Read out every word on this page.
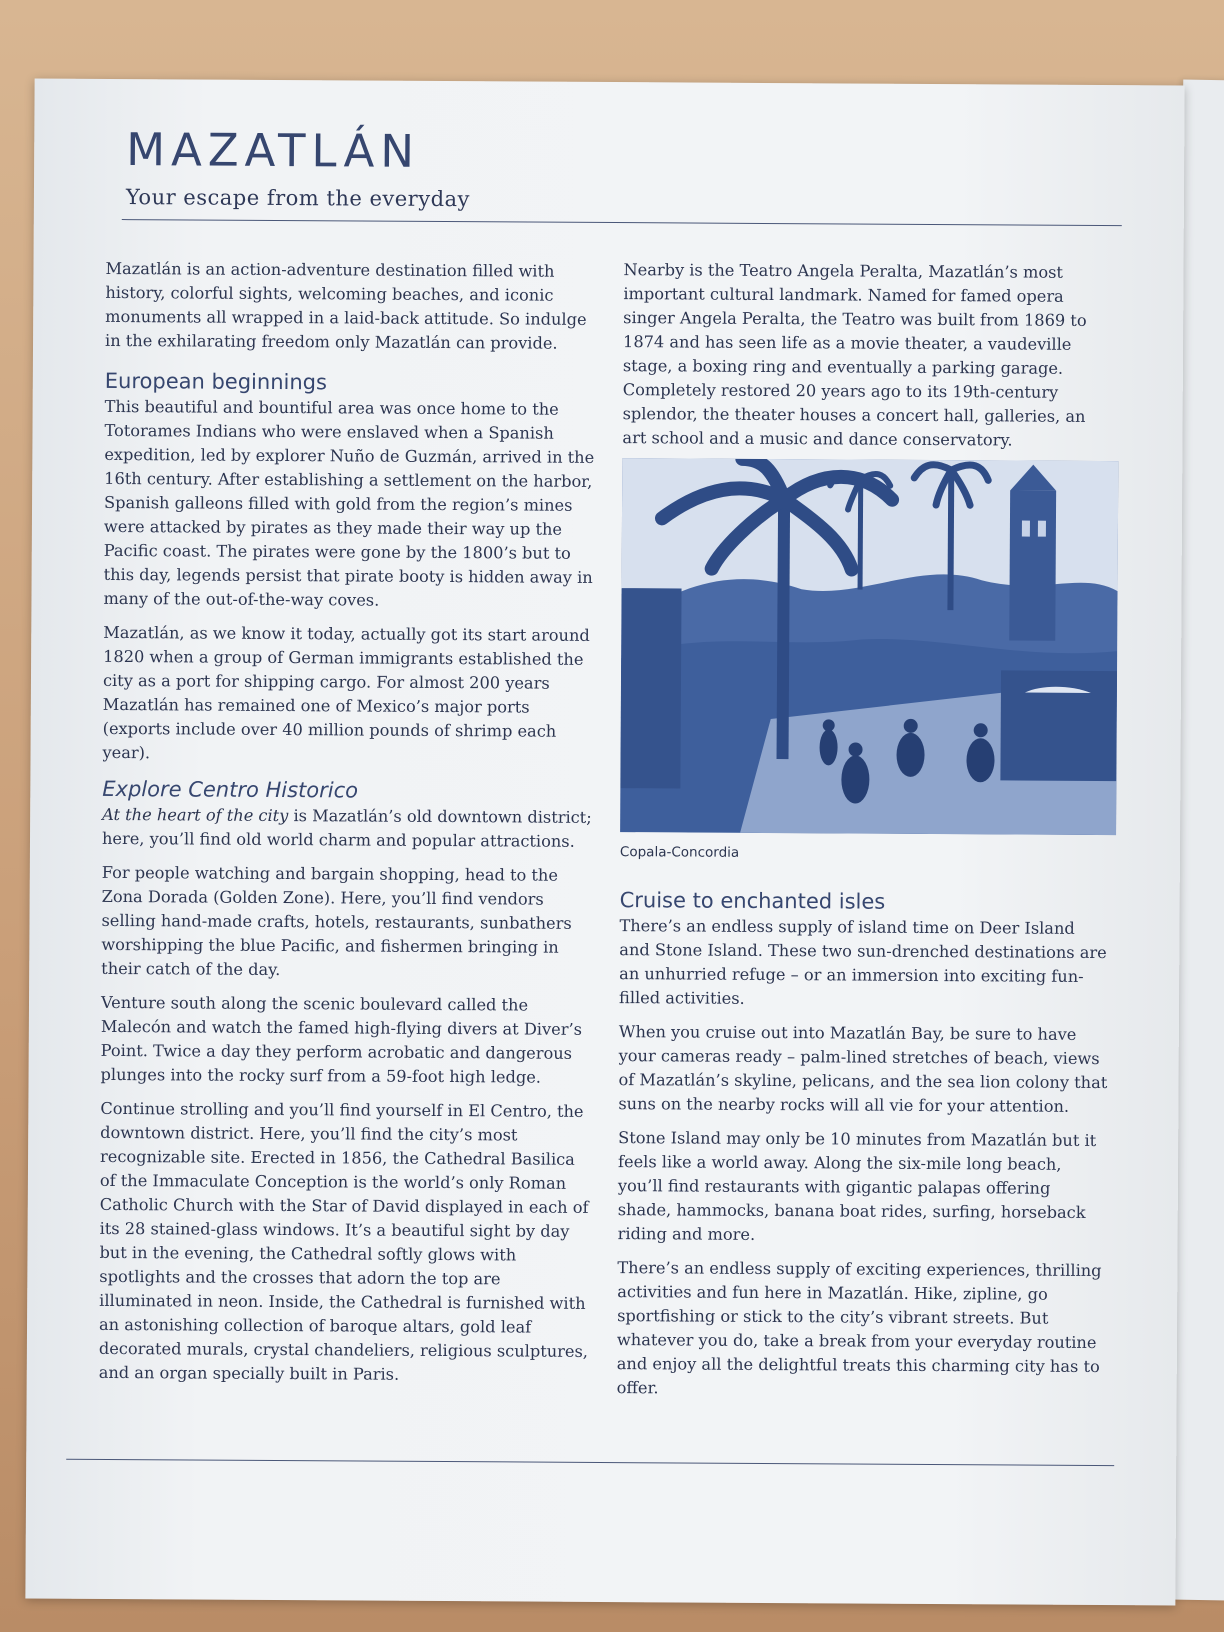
MAZATLÁN
Your escape from the everyday

Mazatlán is an action-adventure destination filled with history, colorful sights, welcoming beaches, and iconic monuments all wrapped in a laid-back attitude. So indulge in the exhilarating freedom only Mazatlán can provide.

European beginnings

This beautiful and bountiful area was once home to the Totorames Indians who were enslaved when a Spanish expedition, led by explorer Nuño de Guzmán, arrived in the 16th century. After establishing a settlement on the harbor, Spanish galleons filled with gold from the region’s mines were attacked by pirates as they made their way up the Pacific coast. The pirates were gone by the 1800’s but to this day, legends persist that pirate booty is hidden away in many of the out-of-the-way coves.

Mazatlán, as we know it today, actually got its start around 1820 when a group of German immigrants established the city as a port for shipping cargo. For almost 200 years Mazatlán has remained one of Mexico’s major ports (exports include over 40 million pounds of shrimp each year).

Explore Centro Historico

At the heart of the city is Mazatlán’s old downtown district; here, you’ll find old world charm and popular attractions.

For people watching and bargain shopping, head to the Zona Dorada (Golden Zone). Here, you’ll find vendors selling hand-made crafts, hotels, restaurants, sunbathers worshipping the blue Pacific, and fishermen bringing in their catch of the day.

Venture south along the scenic boulevard called the Malecón and watch the famed high-flying divers at Diver’s Point. Twice a day they perform acrobatic and dangerous plunges into the rocky surf from a 59-foot high ledge.

Continue strolling and you’ll find yourself in El Centro, the downtown district. Here, you’ll find the city’s most recognizable site. Erected in 1856, the Cathedral Basilica of the Immaculate Conception is the world’s only Roman Catholic Church with the Star of David displayed in each of its 28 stained-glass windows. It’s a beautiful sight by day but in the evening, the Cathedral softly glows with spotlights and the crosses that adorn the top are illuminated in neon. Inside, the Cathedral is furnished with an astonishing collection of baroque altars, gold leaf decorated murals, crystal chandeliers, religious sculptures, and an organ specially built in Paris.

Nearby is the Teatro Angela Peralta, Mazatlán’s most important cultural landmark. Named for famed opera singer Angela Peralta, the Teatro was built from 1869 to 1874 and has seen life as a movie theater, a vaudeville stage, a boxing ring and eventually a parking garage. Completely restored 20 years ago to its 19th-century splendor, the theater houses a concert hall, galleries, an art school and a music and dance conservatory.

Copala-Concordia
Cruise to enchanted isles

There’s an endless supply of island time on Deer Island and Stone Island. These two sun-drenched destinations are an unhurried refuge – or an immersion into exciting fun-filled activities.

When you cruise out into Mazatlán Bay, be sure to have your cameras ready – palm-lined stretches of beach, views of Mazatlán’s skyline, pelicans, and the sea lion colony that suns on the nearby rocks will all vie for your attention.

Stone Island may only be 10 minutes from Mazatlán but it feels like a world away. Along the six-mile long beach, you’ll find restaurants with gigantic palapas offering shade, hammocks, banana boat rides, surfing, horseback riding and more.

There’s an endless supply of exciting experiences, thrilling activities and fun here in Mazatlán. Hike, zipline, go sportfishing or stick to the city’s vibrant streets. But whatever you do, take a break from your everyday routine and enjoy all the delightful treats this charming city has to offer.
